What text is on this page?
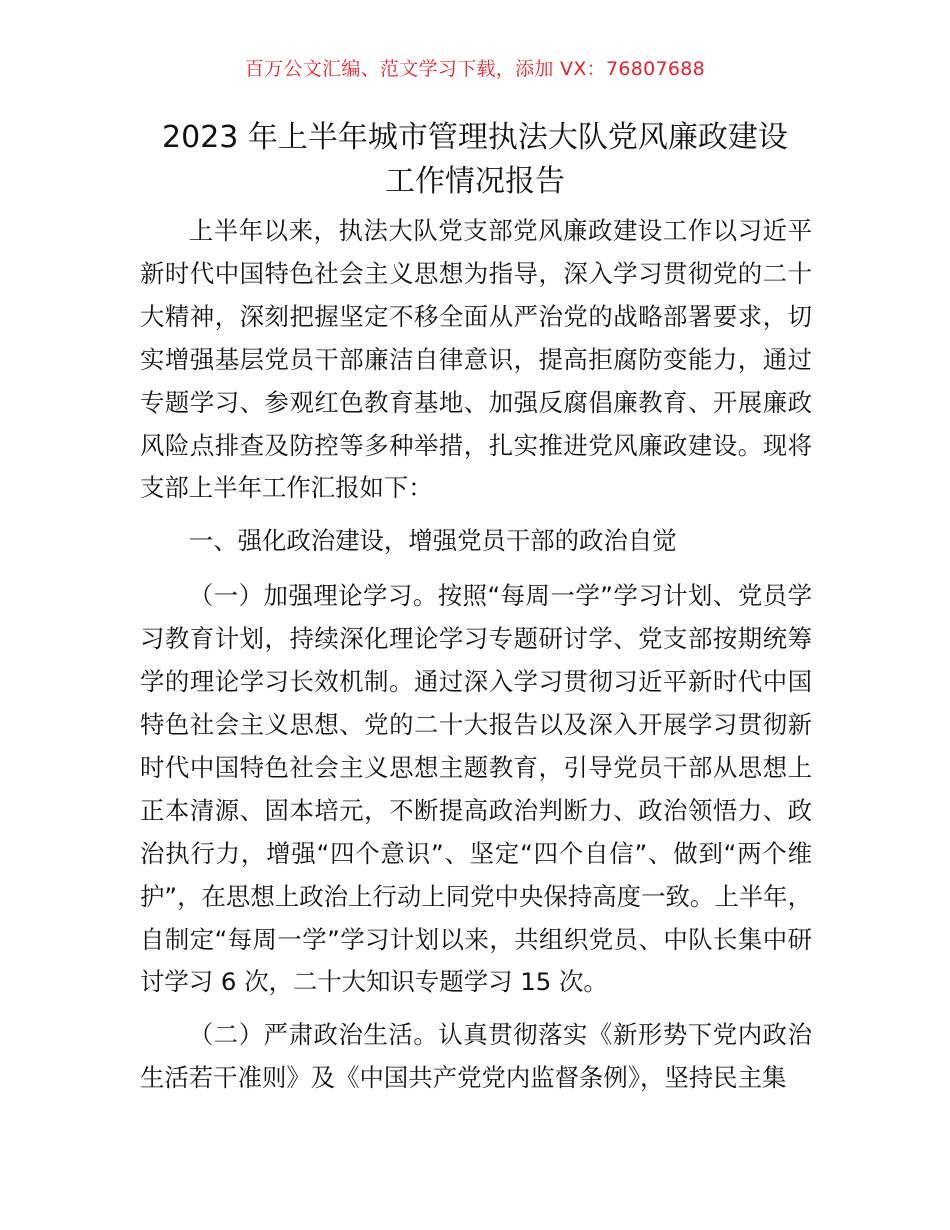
百万公文汇编、范文学习下载，添加 VX：76807688
2023 年上半年城市管理执法大队党风廉政建设
工作情况报告

上半年以来，执法大队党支部党风廉政建设工作以习近平新时代中国特色社会主义思想为指导，深入学习贯彻党的二十大精神，深刻把握坚定不移全面从严治党的战略部署要求，切实增强基层党员干部廉洁自律意识，提高拒腐防变能力，通过专题学习、参观红色教育基地、加强反腐倡廉教育、开展廉政风险点排查及防控等多种举措，扎实推进党风廉政建设。现将支部上半年工作汇报如下：

一、强化政治建设，增强党员干部的政治自觉

（一）加强理论学习。按照“每周一学”学习计划、党员学习教育计划，持续深化理论学习专题研讨学、党支部按期统筹学的理论学习长效机制。通过深入学习贯彻习近平新时代中国特色社会主义思想、党的二十大报告以及深入开展学习贯彻新时代中国特色社会主义思想主题教育，引导党员干部从思想上正本清源、固本培元，不断提高政治判断力、政治领悟力、政治执行力，增强“四个意识”、坚定“四个自信”、做到“两个维护”，在思想上政治上行动上同党中央保持高度一致。上半年，自制定“每周一学”学习计划以来，共组织党员、中队长集中研讨学习 6 次，二十大知识专题学习 15 次。

（二）严肃政治生活。认真贯彻落实《新形势下党内政治生活若干准则》及《中国共产党党内监督条例》，坚持民主集
